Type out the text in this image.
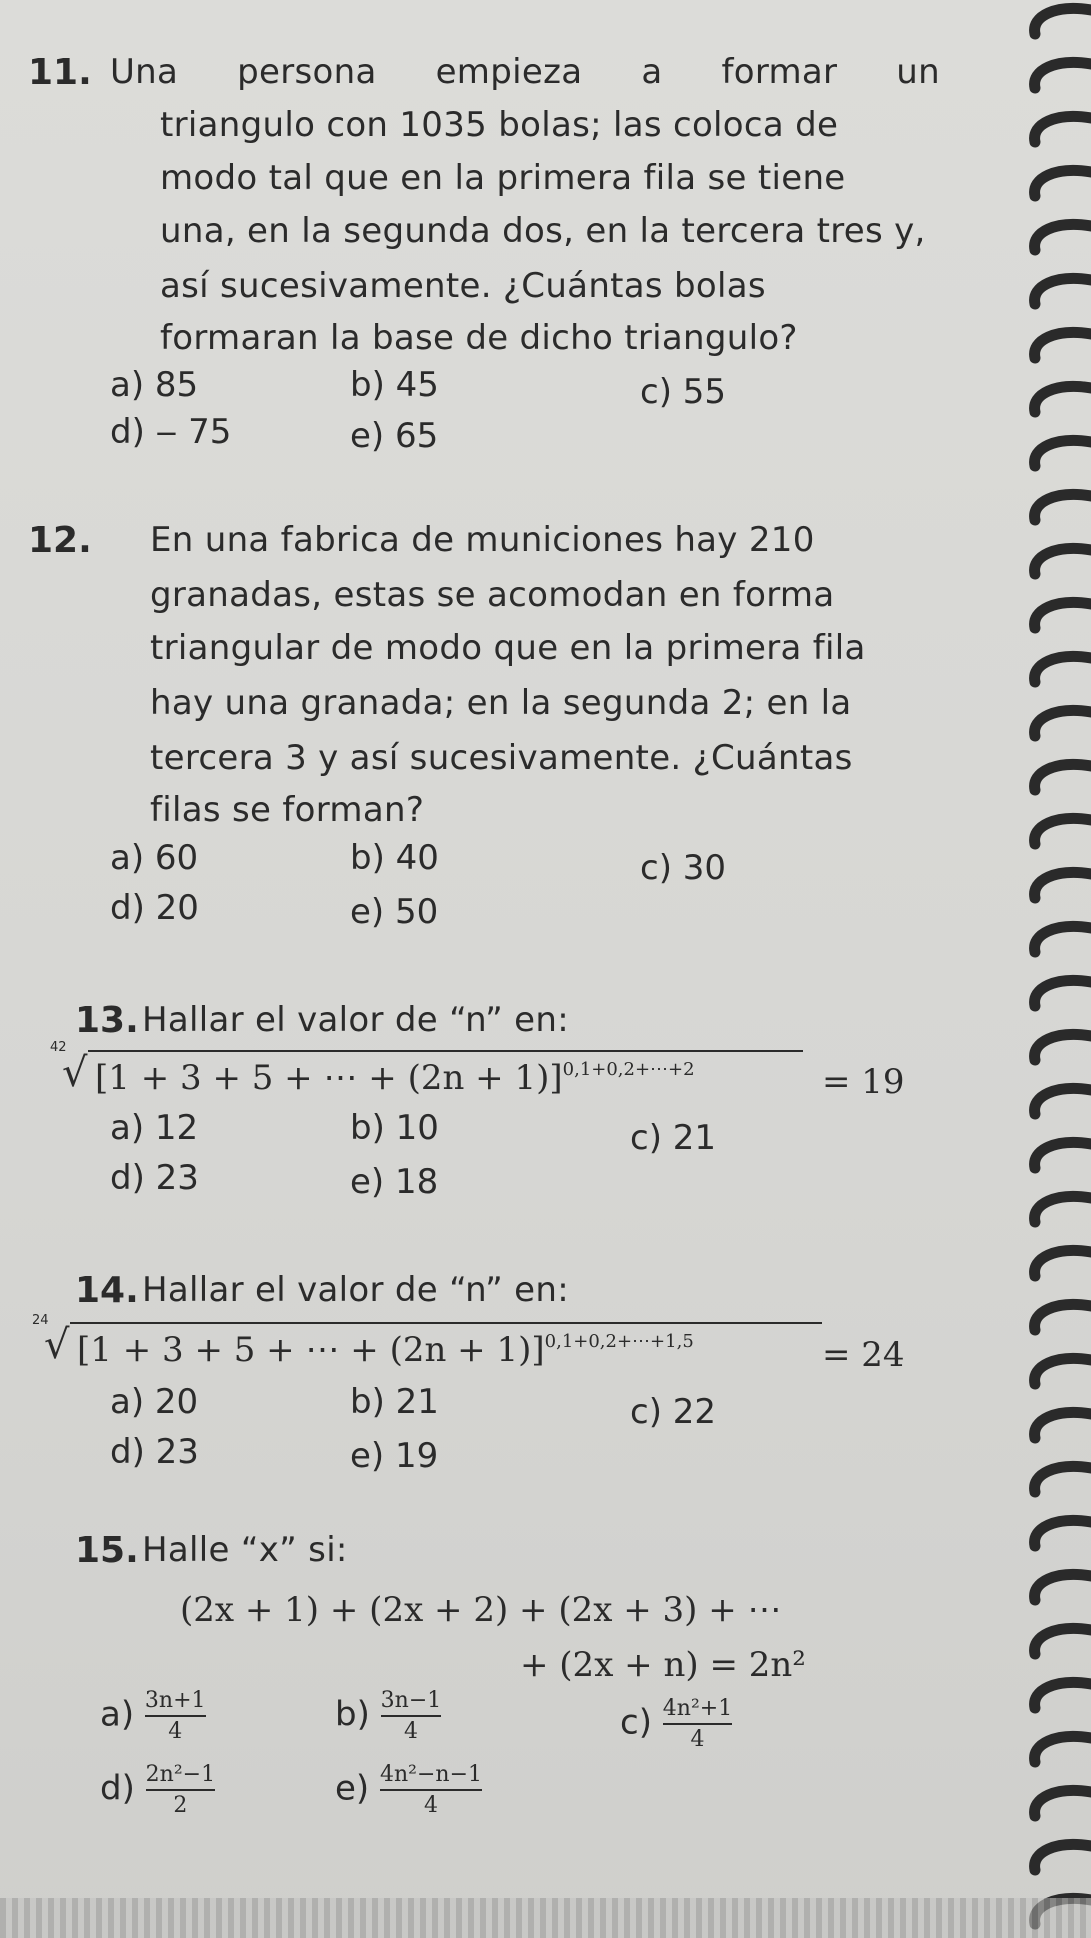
11. Una persona empieza a formar un
triangulo con 1035 bolas; las coloca de
modo tal que en la primera fila se tiene
una, en la segunda dos, en la tercera tres y,
así sucesivamente. ¿Cuántas bolas
formaran la base de dicho triangulo?
a) 85	b) 45	c) 55
d) ‒ 75	e) 65
12. En una fabrica de municiones hay 210
granadas, estas se acomodan en forma
triangular de modo que en la primera fila
hay una granada; en la segunda 2; en la
tercera 3 y así sucesivamente. ¿Cuántas
filas se forman?
a) 60	b) 40	c) 30
d) 20	e) 50
13. Hallar el valor de “n” en:
42
√ [1 + 3 + 5 + ⋯ + (2n + 1)]$^{0,1+0,2+\cdots+2}$	= 19
a) 12	b) 10	c) 21
d) 23	e) 18
14. Hallar el valor de “n” en:
24
√ [1 + 3 + 5 + ⋯ + (2n + 1)]$^{0,1+0,2+\cdots+1,5}$	= 24
a) 20	b) 21	c) 22
d) 23	e) 19
15. Halle “x” si:
(2x + 1) + (2x + 2) + (2x + 3) + ⋯
+ (2x + n) = 2n²
$a) \frac{3n+1}{4}$	$b) \frac{3n-1}{4}$	$c) \frac{\text{4n²+1}}{4}$
$d) \frac{\text{2n²−1}}{2}$	$e) \frac{\text{4n²−n−1}}{4}$
